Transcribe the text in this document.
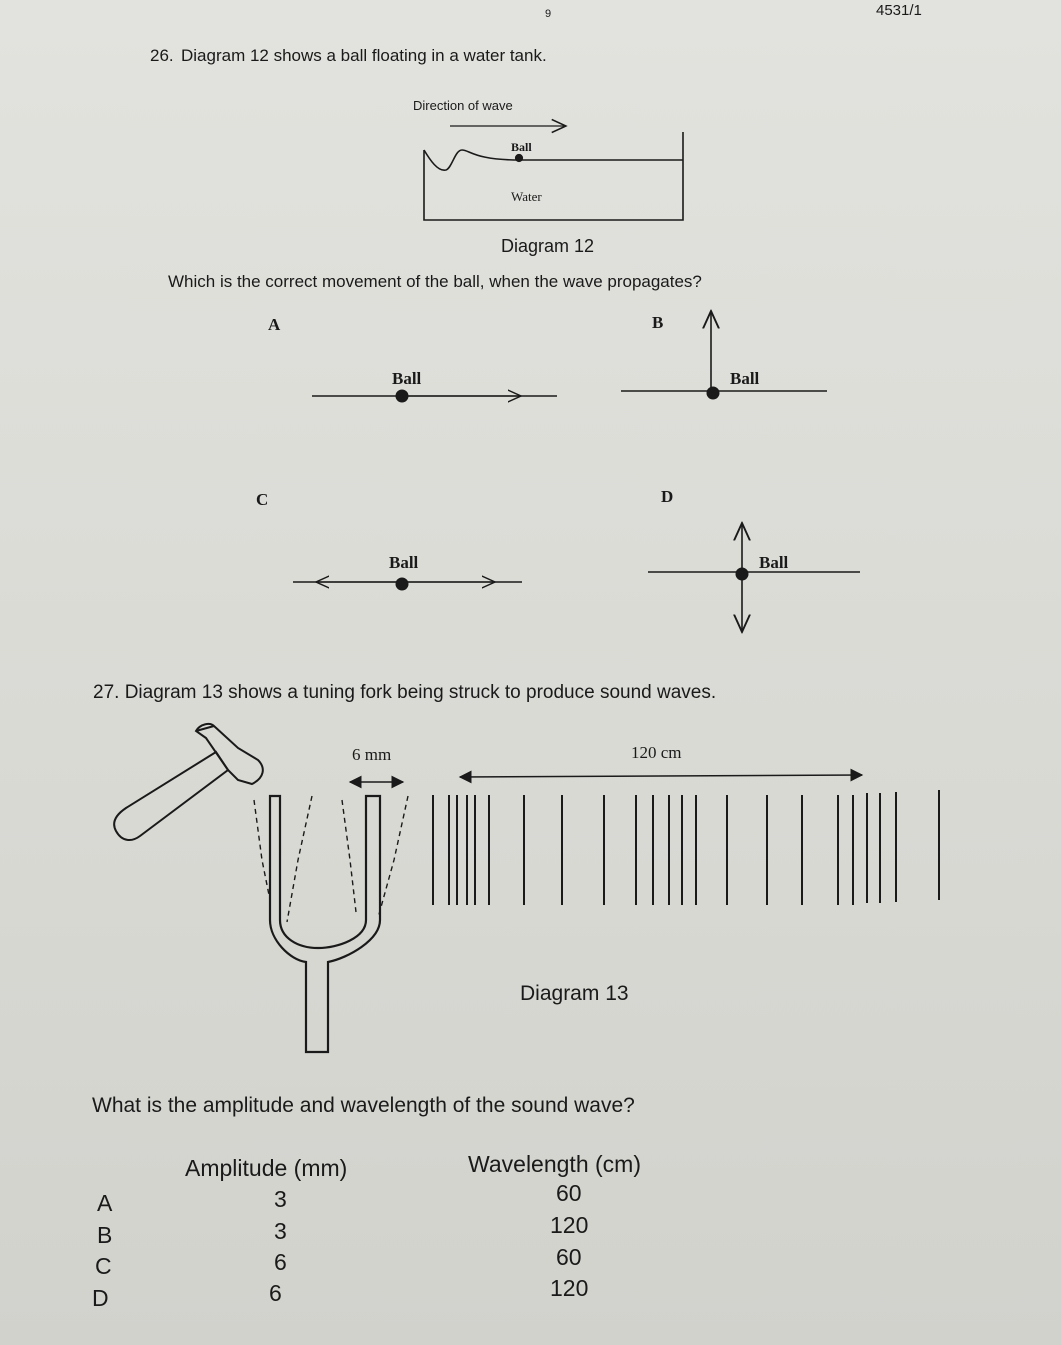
9	4531/1
26. Diagram 12 shows a ball floating in a water tank.
Direction of wave
Ball
Water
Diagram 12
Which is the correct movement of the ball, when the wave propagates?
A
Ball
B
Ball
C
Ball
D
Ball
27. Diagram 13 shows a tuning fork being struck to produce sound waves.
6 mm	120 cm
Diagram 13
What is the amplitude and wavelength of the sound wave?
Amplitude (mm)	Wavelength (cm)
A	3	60
B	3	120
C	6	60
D	6	120
